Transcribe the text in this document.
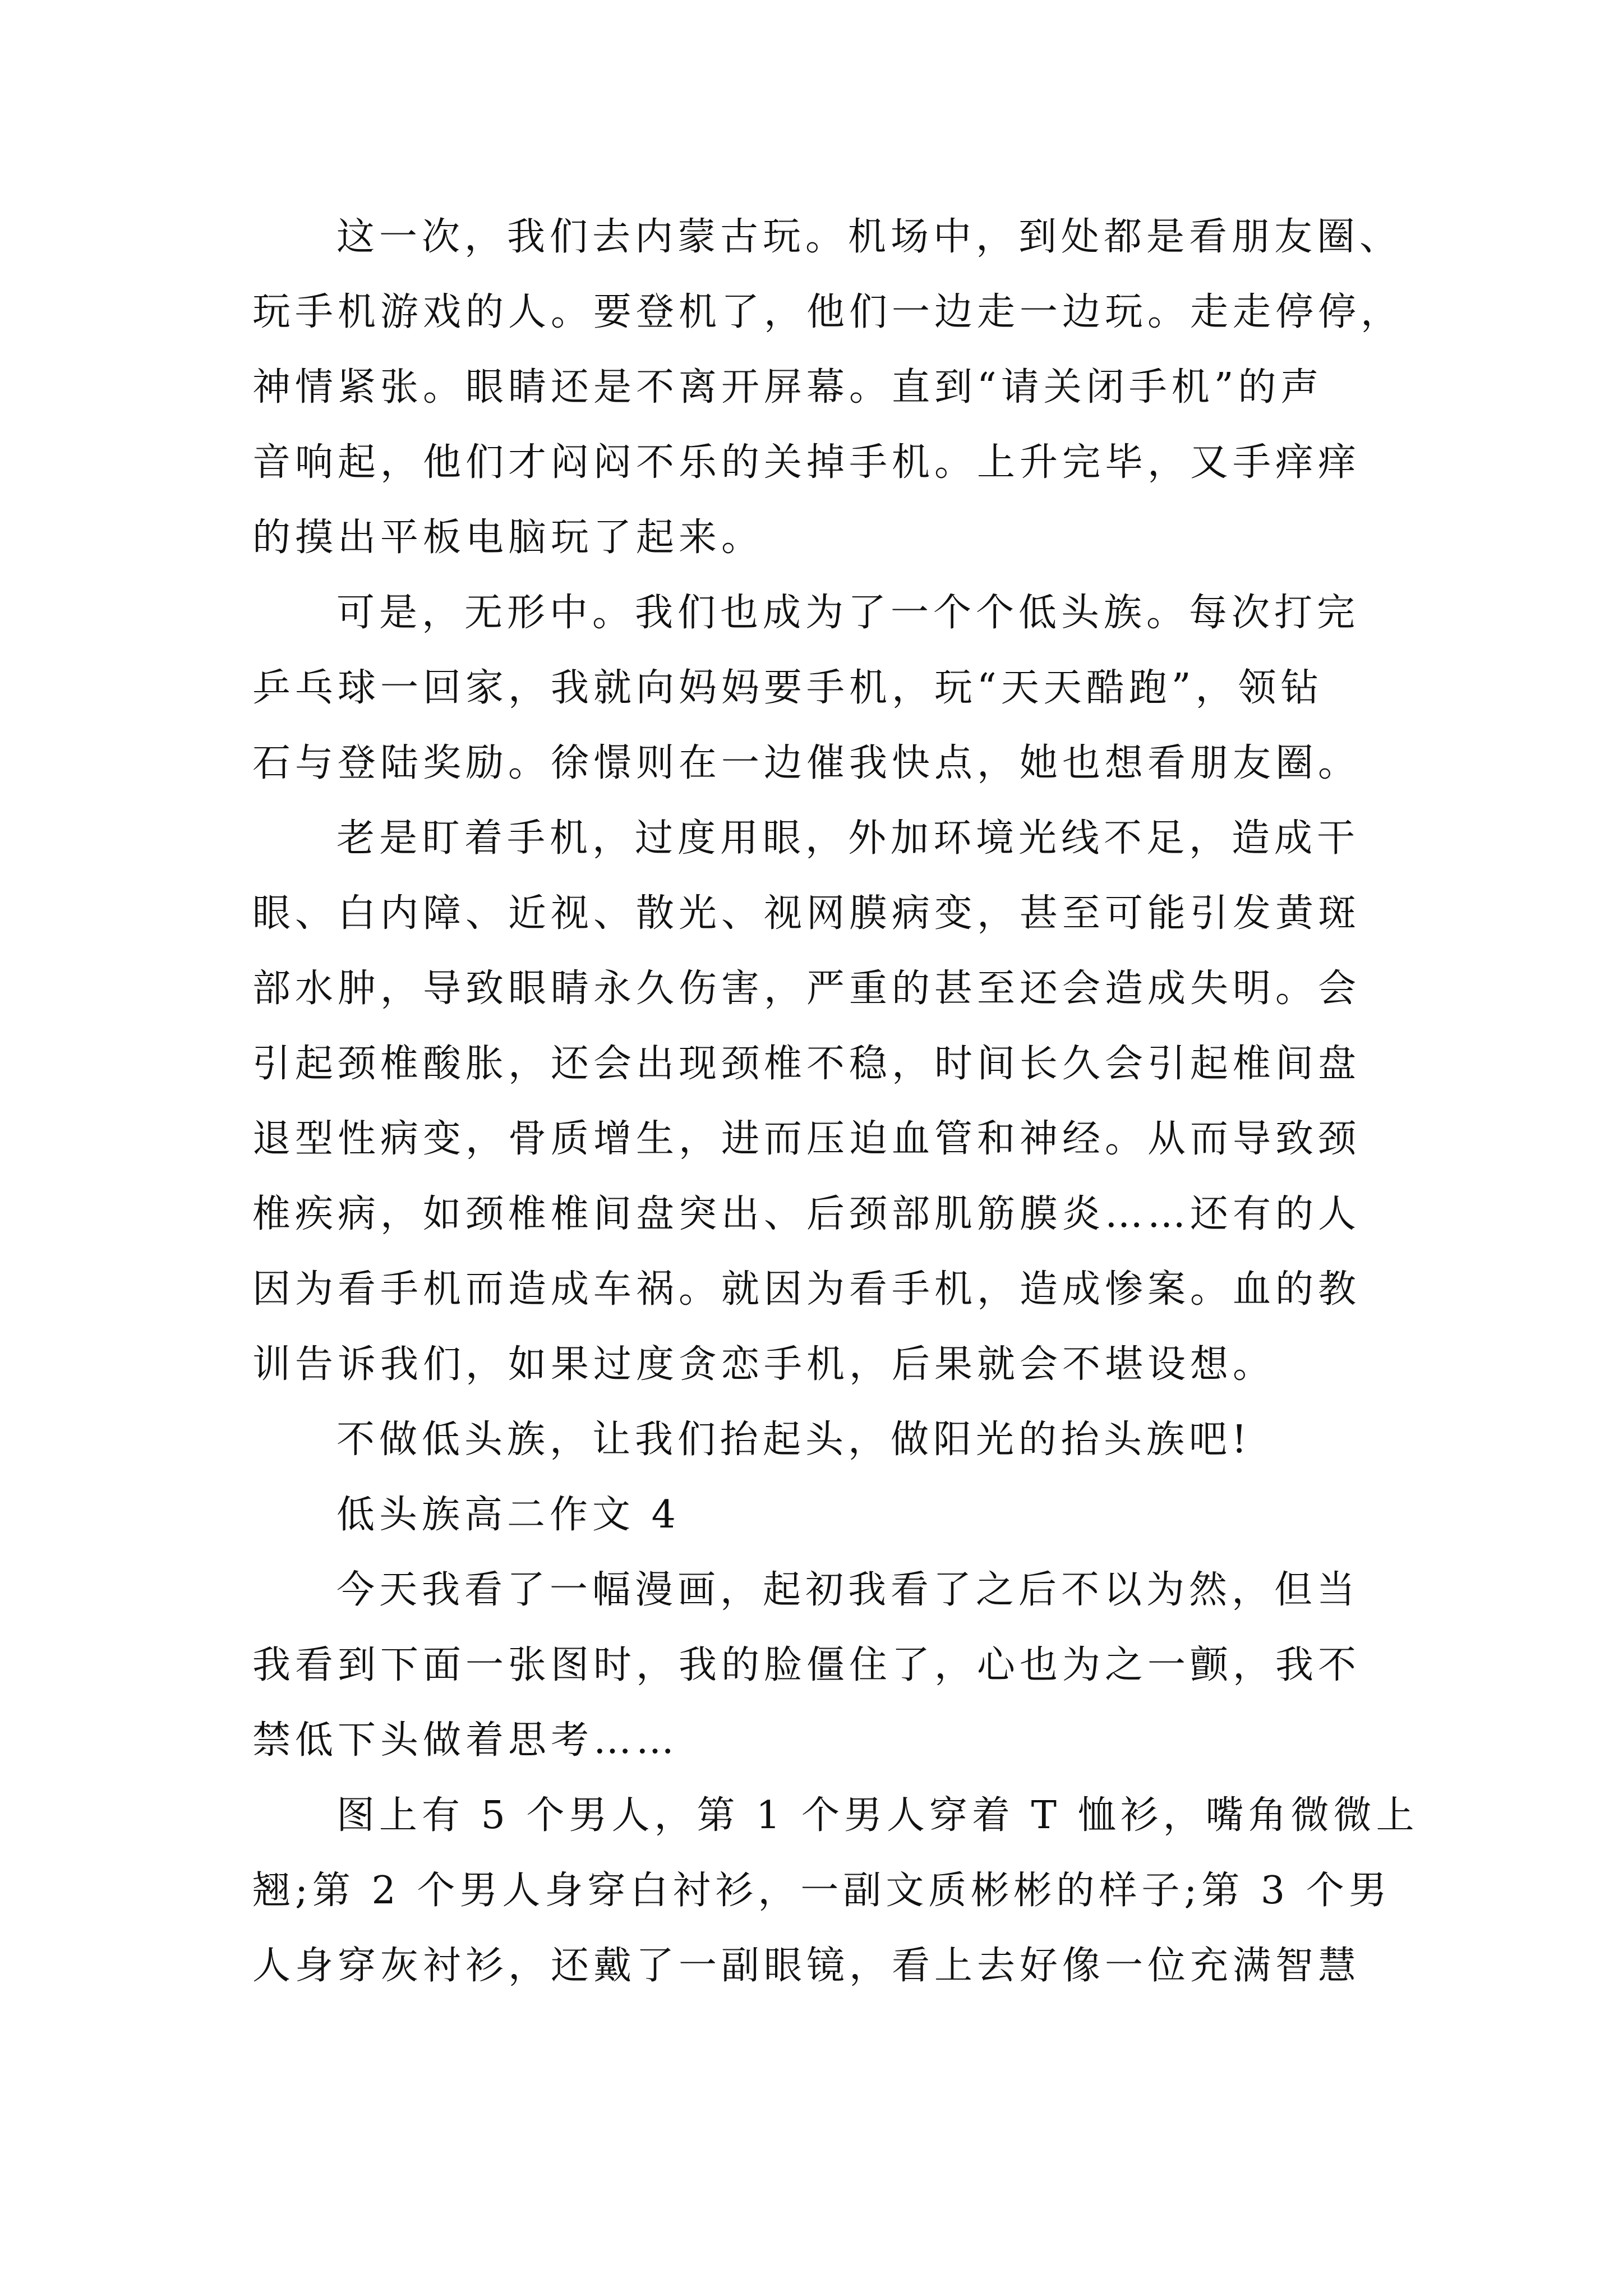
这一次，我们去内蒙古玩。机场中，到处都是看朋友圈、
玩手机游戏的人。要登机了，他们一边走一边玩。走走停停，
神情紧张。眼睛还是不离开屏幕。直到“请关闭手机”的声
音响起，他们才闷闷不乐的关掉手机。上升完毕，又手痒痒
的摸出平板电脑玩了起来。
可是，无形中。我们也成为了一个个低头族。每次打完
乒乓球一回家，我就向妈妈要手机，玩“天天酷跑”，领钻
石与登陆奖励。徐憬则在一边催我快点，她也想看朋友圈。
老是盯着手机，过度用眼，外加环境光线不足，造成干
眼、白内障、近视、散光、视网膜病变，甚至可能引发黄斑
部水肿，导致眼睛永久伤害，严重的甚至还会造成失明。会
引起颈椎酸胀，还会出现颈椎不稳，时间长久会引起椎间盘
退型性病变，骨质增生，进而压迫血管和神经。从而导致颈
椎疾病，如颈椎椎间盘突出、后颈部肌筋膜炎……还有的人
因为看手机而造成车祸。就因为看手机，造成惨案。血的教
训告诉我们，如果过度贪恋手机，后果就会不堪设想。
不做低头族，让我们抬起头，做阳光的抬头族吧!
低头族高二作文 4
今天我看了一幅漫画，起初我看了之后不以为然，但当
我看到下面一张图时，我的脸僵住了，心也为之一颤，我不
禁低下头做着思考……
图上有 5 个男人，第 1 个男人穿着 T 恤衫，嘴角微微上
翘;第 2 个男人身穿白衬衫，一副文质彬彬的样子;第 3 个男
人身穿灰衬衫，还戴了一副眼镜，看上去好像一位充满智慧
